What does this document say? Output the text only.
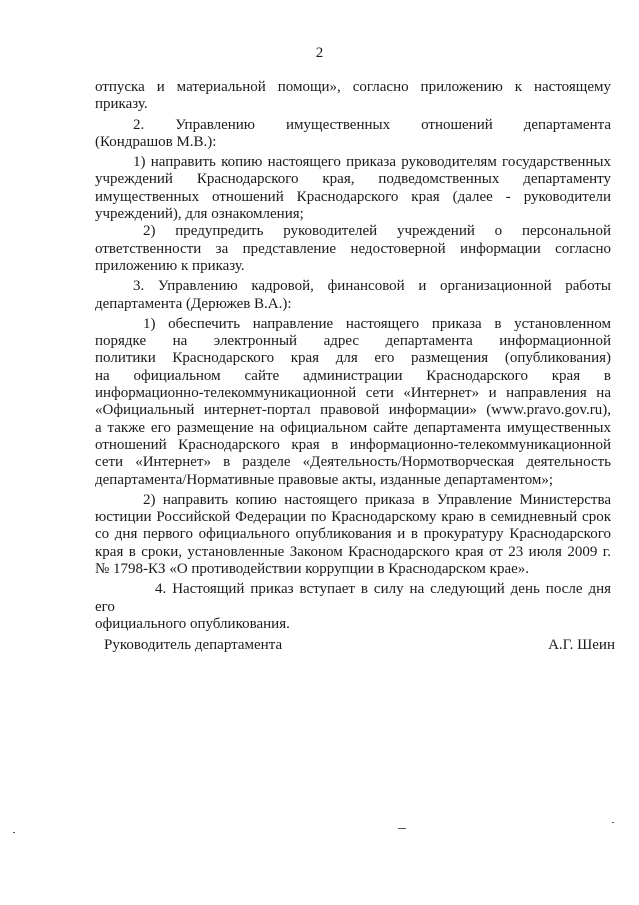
2
отпуска и материальной помощи», согласно приложению к настоящему
приказу.
2. Управлению имущественных отношений департамента
(Кондрашов М.В.):
1) направить копию настоящего приказа руководителям государственных
учреждений Краснодарского края, подведомственных департаменту
имущественных отношений Краснодарского края (далее - руководители
учреждений), для ознакомления;
2) предупредить руководителей учреждений о персональной
ответственности за представление недостоверной информации согласно
приложению к приказу.
3. Управлению кадровой, финансовой и организационной работы
департамента (Дерюжев В.А.):
1) обеспечить направление настоящего приказа в установленном
порядке на электронный адрес департамента информационной
политики Краснодарского края для его размещения (опубликования)
на официальном сайте администрации Краснодарского края в
информационно-телекоммуникационной сети «Интернет» и направления на
«Официальный интернет-портал правовой информации» (www.pravo.gov.ru),
а также его размещение на официальном сайте департамента имущественных
отношений Краснодарского края в информационно-телекоммуникационной
сети «Интернет» в разделе «Деятельность/Нормотворческая деятельность
департамента/Нормативные правовые акты, изданные департаментом»;
2) направить копию настоящего приказа в Управление Министерства
юстиции Российской Федерации по Краснодарскому краю в семидневный срок
со дня первого официального опубликования и в прокуратуру Краснодарского
края в сроки, установленные Законом Краснодарского края от 23 июля 2009 г.
№ 1798-КЗ «О противодействии коррупции в Краснодарском крае».
4. Настоящий приказ вступает в силу на следующий день после дня его
официального опубликования.
Руководитель департамента	А.Г. Шеин
